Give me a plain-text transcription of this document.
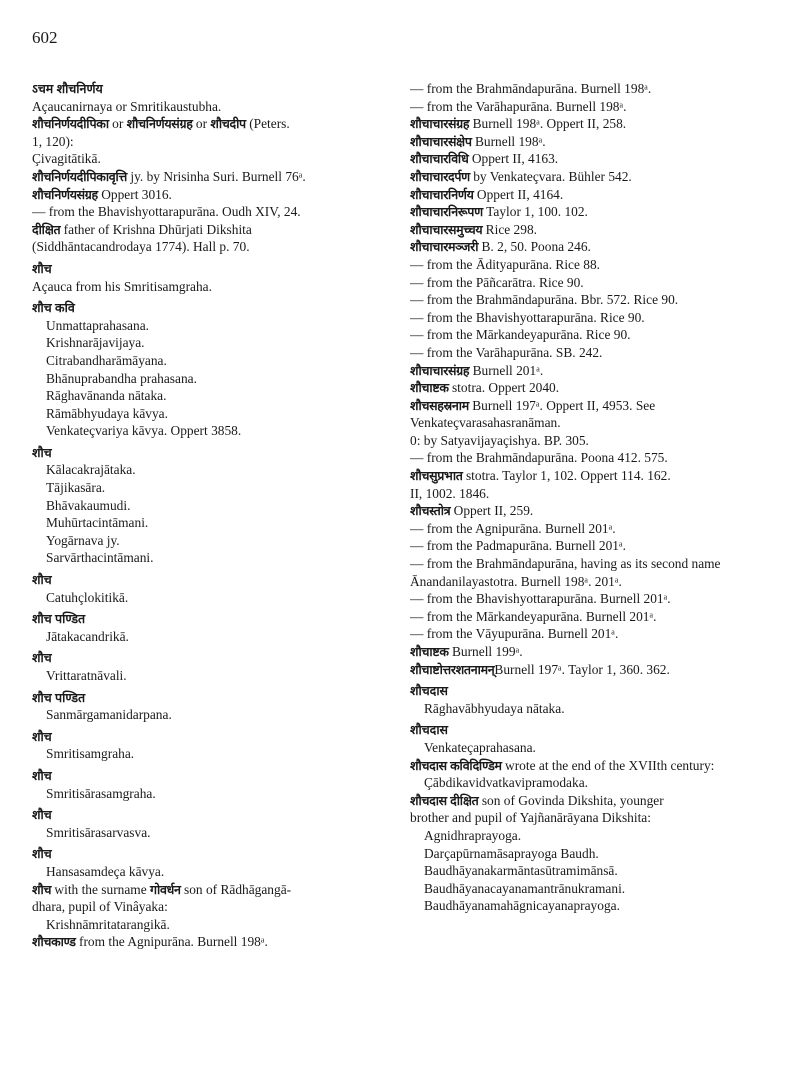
602
ऽचम शौचनिर्णय
Açaucanirnaya or Smritikaustubha.
शौचनिर्णयदीपिका or शौचनिर्णयसंग्रह or शौचदीप (Peters.
1, 120):
Çivagitātikā.
शौचनिर्णयदीपिकावृत्ति jy. by Nrisinha Suri. Burnell 76ᵃ.
शौचनिर्णयसंग्रह Oppert 3016.
— from the Bhavishyottarapurāna. Oudh XIV, 24.
दीक्षित father of Krishna Dhūrjati Dikshita
(Siddhāntacandrodaya 1774). Hall p. 70.
शौच
Açauca from his Smritisamgraha.
शौच कवि
Unmattaprahasana.
Krishnarājavijaya.
Citrabandharāmāyana.
Bhānuprabandha prahasana.
Rāghavānanda nātaka.
Rāmābhyudaya kāvya.
Venkateçvariya kāvya. Oppert 3858.
शौच
Kālacakrajātaka.
Tājikasāra.
Bhāvakaumudi.
Muhūrtacintāmani.
Yogārnava jy.
Sarvārthacintāmani.
शौच
Catuhçlokitikā.
शौच पण्डित
Jātakacandrikā.
शौच
Vrittaratnāvali.
शौच पण्डित
Sanmārgamanidarpana.
शौच
Smritisamgraha.
शौच
Smritisārasamgraha.
शौच
Smritisārasarvasva.
शौच
Hansasamdeça kāvya.
शौच with the surname गोवर्धन son of Rādhāgangā-
dhara, pupil of Vinâyaka:
Krishnāmritatarangikā.
शौचकाण्ड from the Agnipurāna. Burnell 198ᵃ.
— from the Brahmāndapurāna. Burnell 198ᵃ.
— from the Varāhapurāna. Burnell 198ᵃ.
शौचाचारसंग्रह Burnell 198ᵃ. Oppert II, 258.
शौचाचारसंक्षेप Burnell 198ᵃ.
शौचाचारविधि Oppert II, 4163.
शौचाचारदर्पण by Venkateçvara. Bühler 542.
शौचाचारनिर्णय Oppert II, 4164.
शौचाचारनिरूपण Taylor 1, 100. 102.
शौचाचारसमुच्चय Rice 298.
शौचाचारमञ्जरी B. 2, 50. Poona 246.
— from the Ādityapurāna. Rice 88.
— from the Pāñcarātra. Rice 90.
— from the Brahmāndapurāna. Bbr. 572. Rice 90.
— from the Bhavishyottarapurāna. Rice 90.
— from the Mārkandeyapurāna. Rice 90.
— from the Varāhapurāna. SB. 242.
शौचाचारसंग्रह Burnell 201ᵃ.
शौचाष्टक stotra. Oppert 2040.
शौचसहस्रनाम Burnell 197ᵃ. Oppert II, 4953. See Venkateçvarasahasranāman.
0: by Satyavijayaçishya. BP. 305.
— from the Brahmāndapurāna. Poona 412. 575.
शौचसुप्रभात stotra. Taylor 1, 102. Oppert 114. 162.
II, 1002. 1846.
शौचस्तोत्र Oppert II, 259.
— from the Agnipurāna. Burnell 201ᵃ.
— from the Padmapurāna. Burnell 201ᵃ.
— from the Brahmāndapurāna, having as its second name Ānandanilayastotra. Burnell 198ᵃ. 201ᵃ.
— from the Bhavishyottarapurāna. Burnell 201ᵃ.
— from the Mārkandeyapurāna. Burnell 201ᵃ.
— from the Vāyupurāna. Burnell 201ᵃ.
शौचाष्टक Burnell 199ᵃ.
शौचाष्टोत्तरशतनामन्Burnell 197ᵃ. Taylor 1, 360. 362.
शौचदास
Rāghavābhyudaya nātaka.
शौचदास
Venkateçaprahasana.
शौचदास कविदिण्डिम wrote at the end of the XVIIth century:
Çābdikavidvatkavipramodaka.
शौचदास दीक्षित son of Govinda Dikshita, younger
brother and pupil of Yajñanārāyana Dikshita:
Agnidhraprayoga.
Darçapūrnamāsaprayoga Baudh.
Baudhāyanakarmāntasūtramimānsā.
Baudhāyanacayanamantrānukramani.
Baudhāyanamahāgnicayanaprayoga.
